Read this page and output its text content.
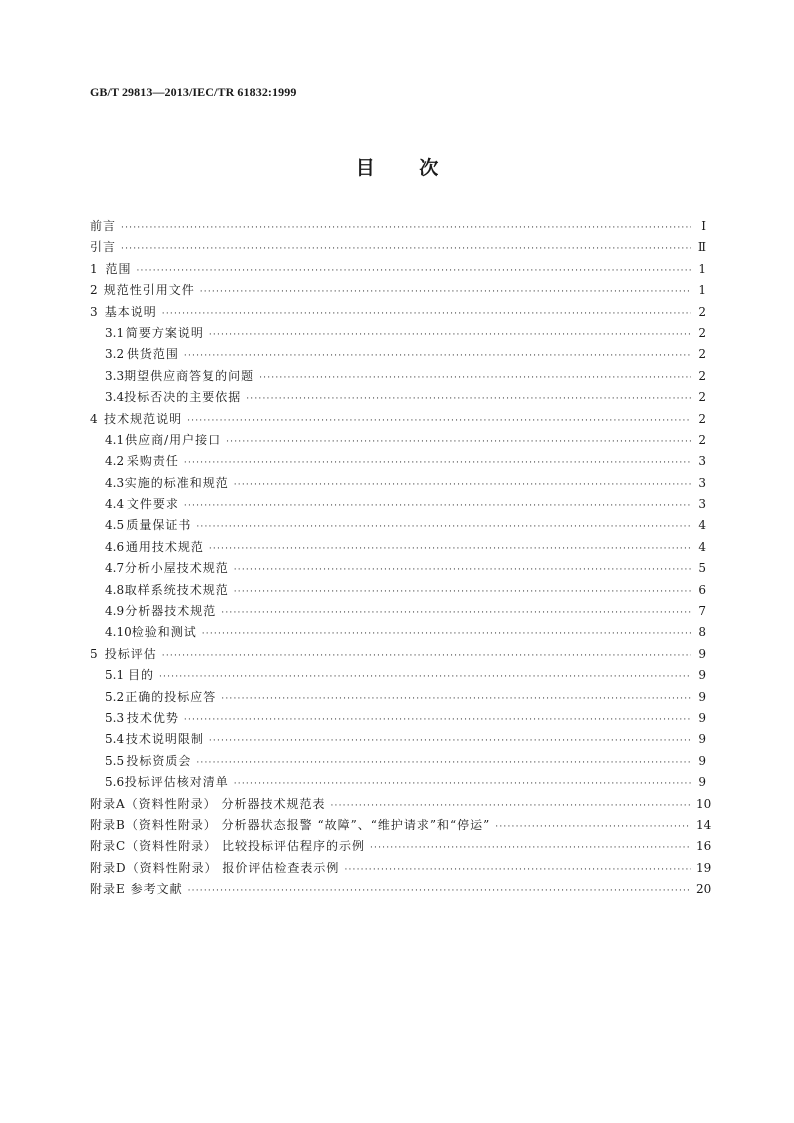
GB/T 29813—2013/IEC/TR 61832:1999
目 次
前言 ·····	Ⅰ
引言 ·····	Ⅱ
1 范围 ·····	1
2 规范性引用文件 ·····	1
3 基本说明 ·····	2
3.1 简要方案说明 ·····	2
3.2 供货范围 ·····	2
3.3 期望供应商答复的问题 ·····	2
3.4 投标否决的主要依据 ·····	2
4 技术规范说明 ·····	2
4.1 供应商/用户接口 ·····	2
4.2 采购责任 ·····	3
4.3 实施的标准和规范 ·····	3
4.4 文件要求 ·····	3
4.5 质量保证书 ·····	4
4.6 通用技术规范 ·····	4
4.7 分析小屋技术规范 ·····	5
4.8 取样系统技术规范 ·····	6
4.9 分析器技术规范 ·····	7
4.10 检验和测试 ·····	8
5 投标评估 ·····	9
5.1 目的 ·····	9
5.2 正确的投标应答 ·····	9
5.3 技术优势 ·····	9
5.4 技术说明限制 ·····	9
5.5 投标资质会 ·····	9
5.6 投标评估核对清单 ·····	9
附录A（资料性附录） 分析器技术规范表 ·····	10
附录B（资料性附录） 分析器状态报警 “故障”、“维护请求”和“停运” ·····	14
附录C（资料性附录） 比较投标评估程序的示例 ·····	16
附录D（资料性附录） 报价评估检查表示例 ·····	19
附录E 参考文献 ·····	20
